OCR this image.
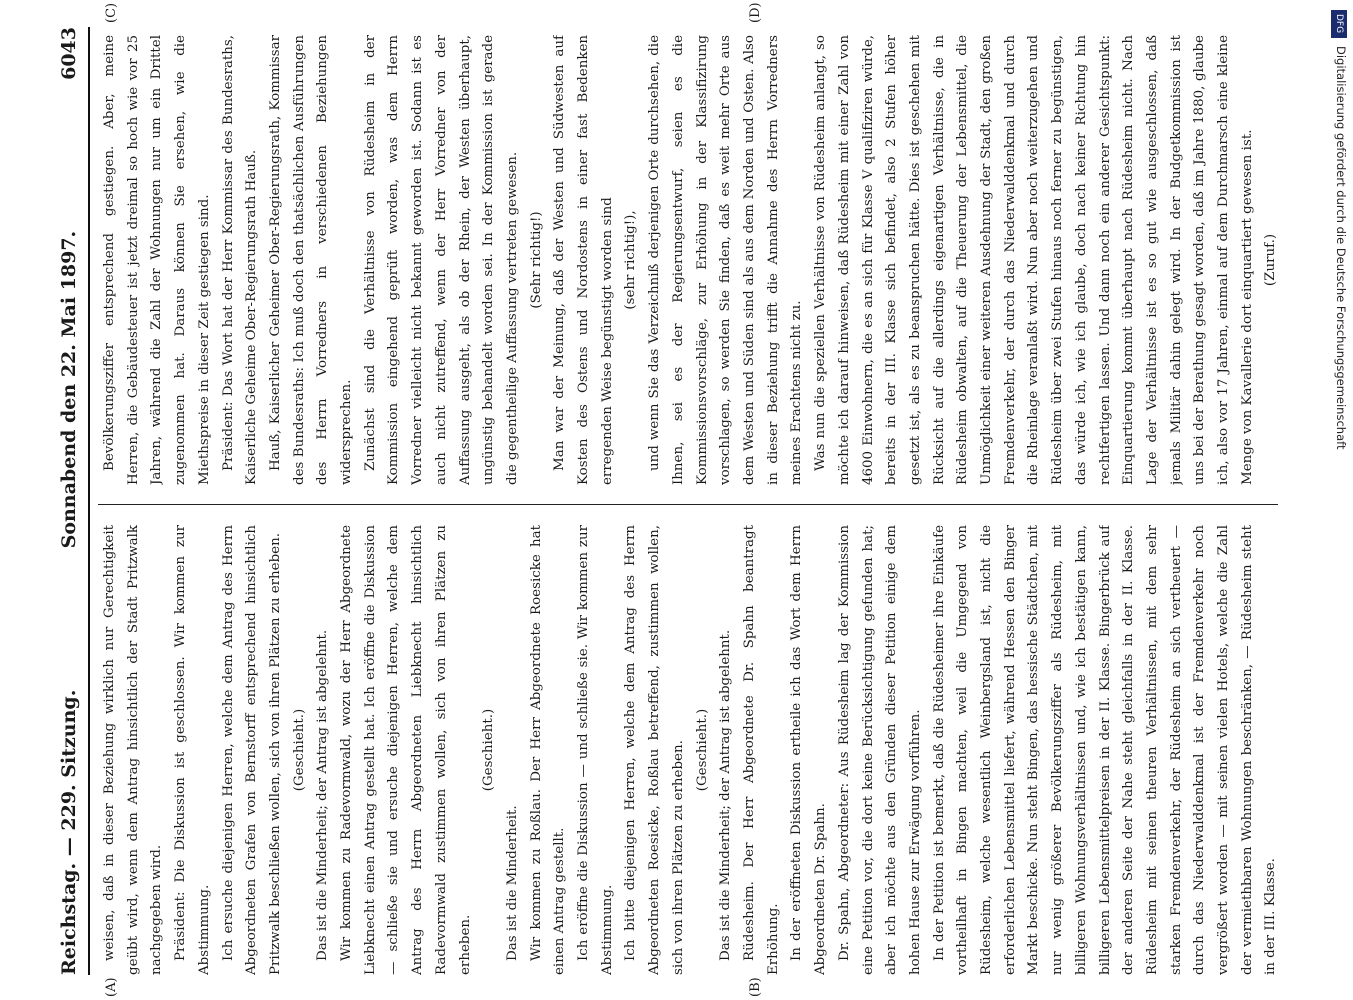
Reichstag. — 229. Sitzung.
Sonnabend den 22. Mai 1897.
6043

weisen, daß in dieser Beziehung wirklich nur Gerechtigkeit geübt wird, wenn dem Antrag hinsichtlich der Stadt Pritzwalk nachgegeben wird. Präsident: Die Diskussion ist geschlossen. Wir kommen zur Abstimmung. Ich ersuche diejenigen Herren, welche dem Antrag des Herrn Abgeordneten Grafen von Bernstorff entsprechend hinsichtlich Pritzwalk beschließen wollen, sich von ihren Plätzen zu erheben. (Geschieht.) Das ist die Minderheit; der Antrag ist abgelehnt. Wir kommen zu Radevormwald, wozu der Herr Abgeordnete Liebknecht einen Antrag gestellt hat. Ich eröffne die Diskussion — schließe sie und ersuche diejenigen Herren, welche dem Antrag des Herrn Abgeordneten Liebknecht hinsichtlich Radevormwald zustimmen wollen, sich von ihren Plätzen zu erheben.

(Geschieht.)

Das ist die Minderheit. Wir kommen zu Roßlau. Der Herr Abgeordnete Roesicke hat einen Antrag gestellt. Ich eröffne die Diskussion — und schließe sie. Wir kommen zur Abstimmung. Ich bitte diejenigen Herren, welche dem Antrag des Herrn Abgeordneten Roesicke, Roßlau betreffend, zustimmen wollen, sich von ihren Plätzen zu erheben. (Geschieht.) Das ist die Minderheit; der Antrag ist abgelehnt. Rüdesheim. Der Herr Abgeordnete Dr. Spahn beantragt Erhöhung. In der eröffneten Diskussion ertheile ich das Wort dem Herrn Abgeordneten Dr. Spahn. Dr. Spahn, Abgeordneter: Aus Rüdesheim lag der Kommission eine Petition vor, die dort keine Berücksichtigung gefunden hat; aber ich möchte aus den Gründen dieser Petition einige dem hohen Hause zur Erwägung vorführen. In der Petition ist bemerkt, daß die Rüdesheimer ihre Einkäufe vortheilhaft in Bingen machten, weil die Umgegend von Rüdesheim, welche wesentlich Weinbergsland ist, nicht die erforderlichen Lebensmittel liefert, während Hessen den Binger Markt beschicke. Nun steht Bingen, das hessische Städtchen, mit nur wenig größerer Bevölkerungsziffer als Rüdesheim, mit billigeren Wohnungsverhältnissen und, wie ich bestätigen kann, billigeren Lebensmittelpreisen in der II. Klasse. Bingerbrück auf der anderen Seite der Nahe steht gleichfalls in der II. Klasse. Rüdesheim mit seinen theuren Verhältnissen, mit dem sehr starken Fremdenverkehr, der Rüdesheim an sich vertheuert — durch das Niederwalddenkmal ist der Fremdenverkehr noch vergrößert worden — mit seinen vielen Hotels, welche die Zahl der vermiethbaren Wohnungen beschränken, — Rüdesheim steht in der III. Klasse.

Bevölkerungsziffer entsprechend gestiegen. Aber, meine Herren, die Gebäudesteuer ist jetzt dreimal so hoch wie vor 25 Jahren, während die Zahl der Wohnungen nur um ein Drittel zugenommen hat. Daraus können Sie ersehen, wie die Miethspreise in dieser Zeit gestiegen sind. Präsident: Das Wort hat der Herr Kommissar des Bundesraths, Kaiserliche Geheime Ober-Regierungsrath Hauß. Hauß, Kaiserlicher Geheimer Ober-Regierungsrath, Kommissar des Bundesraths: Ich muß doch den thatsächlichen Ausführungen des Herrn Vorredners in verschiedenen Beziehungen widersprechen. Zunächst sind die Verhältnisse von Rüdesheim in der Kommission eingehend geprüft worden, was dem Herrn Vorredner vielleicht nicht bekannt geworden ist. Sodann ist es auch nicht zutreffend, wenn der Herr Vorredner von der Auffassung ausgeht, als ob der Rhein, der Westen überhaupt, ungünstig behandelt worden sei. In der Kommission ist gerade die gegentheilige Auffassung vertreten gewesen. (Sehr richtig!) Man war der Meinung, daß der Westen und Südwesten auf Kosten des Ostens und Nordostens in einer fast Bedenken erregenden Weise begünstigt worden sind (sehr richtig!), und wenn Sie das Verzeichniß derjenigen Orte durchsehen, die Ihnen, sei es der Regierungsentwurf, seien es die Kommissionsvorschläge, zur Erhöhung in der Klassifizirung vorschlagen, so werden Sie finden, daß es weit mehr Orte aus dem Westen und Süden sind als aus dem Norden und Osten. Also in dieser Beziehung trifft die Annahme des Herrn Vorredners meines Erachtens nicht zu. Was nun die speziellen Verhältnisse von Rüdesheim anlangt, so möchte ich darauf hinweisen, daß Rüdesheim mit einer Zahl von 4600 Einwohnern, die es an sich für Klasse V qualifiziren würde, bereits in der III. Klasse sich befindet, also 2 Stufen höher gesetzt ist, als es zu beanspruchen hätte. Dies ist geschehen mit Rücksicht auf die allerdings eigenartigen Verhältnisse, die in Rüdesheim obwalten, auf die Theuerung der Lebensmittel, die Unmöglichkeit einer weiteren Ausdehnung der Stadt, den großen Fremdenverkehr, der durch das Niederwalddenkmal und durch die Rheinlage veranlaßt wird. Nun aber noch weiterzugehen und Rüdesheim über zwei Stufen hinaus noch ferner zu begünstigen, das würde ich, wie ich glaube, doch nach keiner Richtung hin rechtfertigen lassen. Und dann noch ein anderer Gesichtspunkt: Einquartierung kommt überhaupt nach Rüdesheim nicht. Nach Lage der Verhältnisse ist es so gut wie ausgeschlossen, daß jemals Militär dahin gelegt wird. In der Budgetkommission ist uns bei der Berathung gesagt worden, daß im Jahre 1880, glaube ich, also vor 17 Jahren, einmal auf dem Durchmarsch eine kleine Menge von Kavallerie dort einquartiert gewesen ist. (Zuruf.)

(A)	(B)
(C)	(D)
DFG
Digitalisierung gefördert durch die Deutsche Forschungsgemeinschaft
